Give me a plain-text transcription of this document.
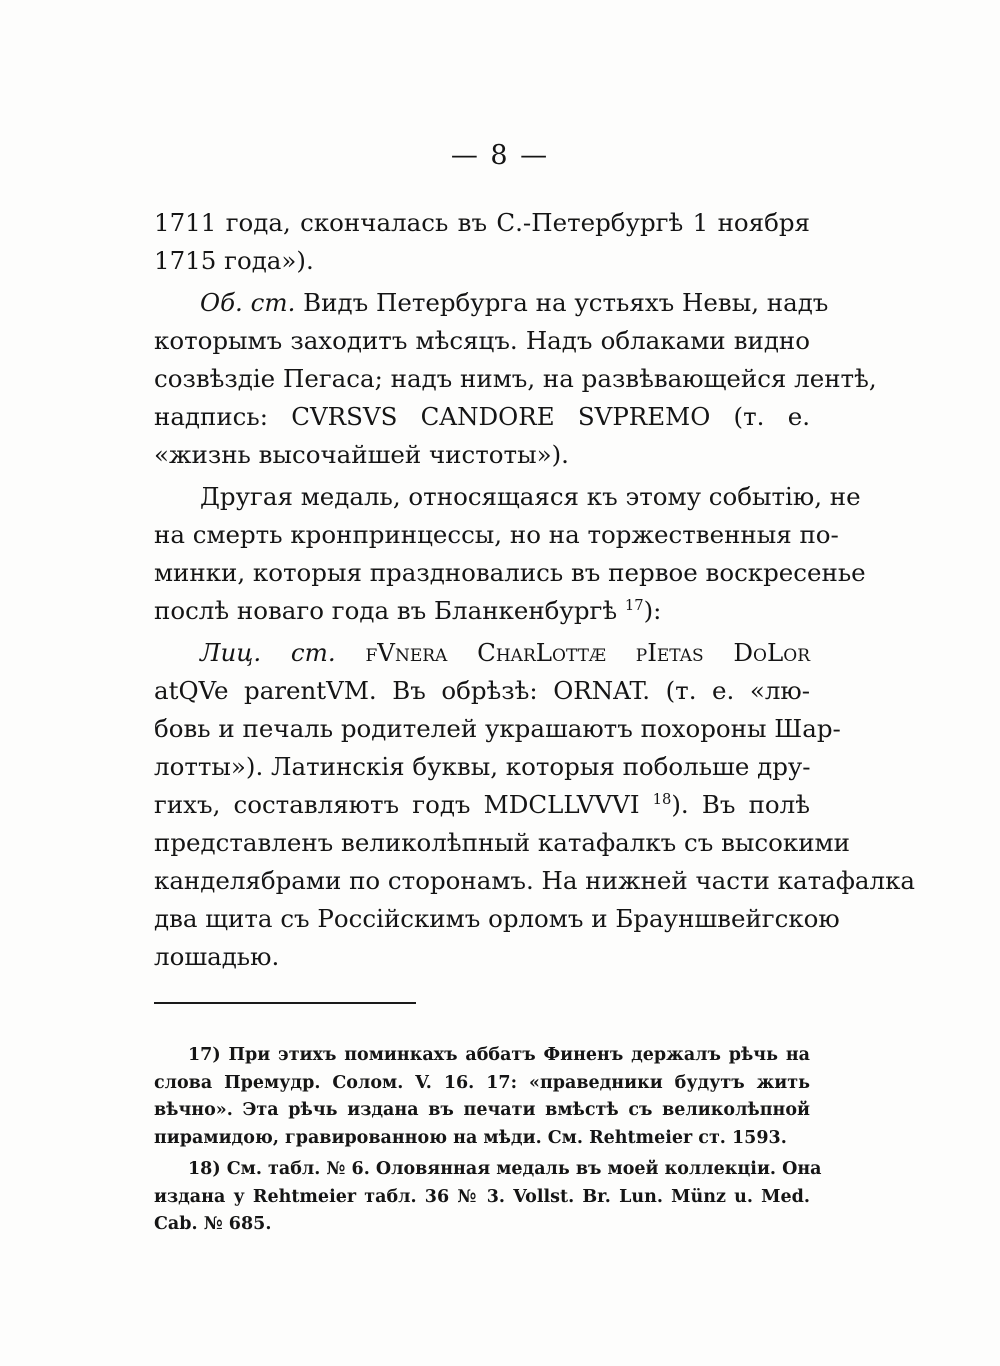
— 8 —
1711 года, скончалась въ С.-Петербургѣ 1 ноября
1715 года»).
Об. ст. Видъ Петербурга на устьяхъ Невы, надъ
которымъ заходитъ мѣсяцъ. Надъ облаками видно
созвѣздіе Пегаса; надъ нимъ, на развѣвающейся лентѣ,
надпись: CVRSVS CANDORE SVPREMO (т. е.
«жизнь высочайшей чистоты»).
Другая медаль, относящаяся къ этому событію, не
на смерть кронпринцессы, но на торжественныя по-
минки, которыя праздновались въ первое воскресенье
послѣ новаго года въ Бланкенбургѣ $^{17}$):
Лиц. ст. fVnera CharLottæ pIetas DoLor
atQVe parentVM. Въ обрѣзѣ: ORNAT. (т. е. «лю-
бовь и печаль родителей украшаютъ похороны Шар-
лотты»). Латинскія буквы, которыя побольше дру-
гихъ, составляютъ годъ MDCLLVVVI $^{18}$). Въ полѣ
представленъ великолѣпный катафалкъ съ высокими
канделябрами по сторонамъ. На нижней части катафалка
два щита съ Россійскимъ орломъ и Брауншвейгскою
лошадью.
17) При этихъ поминкахъ аббатъ Финенъ держалъ рѣчь на
слова Премудр. Солом. V. 16. 17: «праведники будутъ жить
вѣчно». Эта рѣчь издана въ печати вмѣстѣ съ великолѣпной
пирамидою, гравированною на мѣди. См. Rehtmeier ст. 1593.
18) См. табл. № 6. Оловянная медаль въ моей коллекціи. Она
издана у Rehtmeier табл. 36 № 3. Vollst. Br. Lun. Münz u. Med.
Cab. № 685.
